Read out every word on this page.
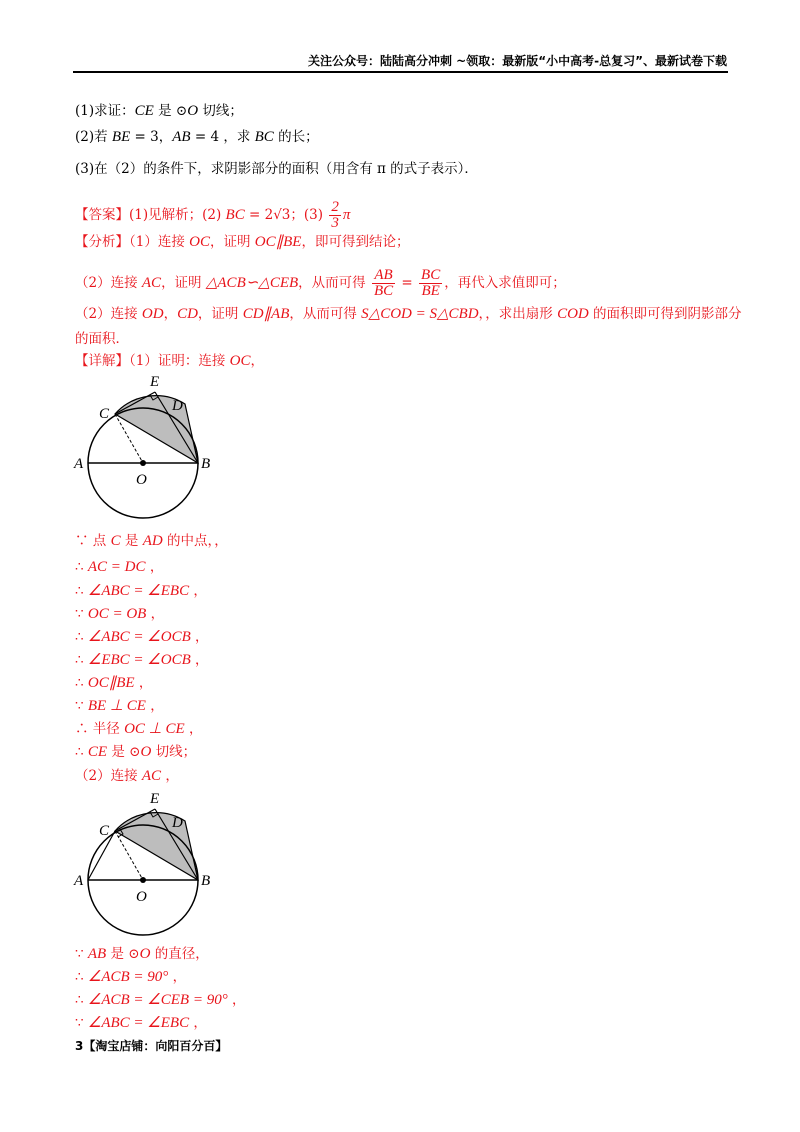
关注公众号：陆陆高分冲刺 ~领取：最新版“小中高考-总复习”、最新试卷下载
(1)求证：CE 是 ⊙O 切线；
(2)若 BE = 3，AB = 4 ，求 BC 的长；
(3)在（2）的条件下，求阴影部分的面积（用含有 π 的式子表示）．
【答案】(1)见解析；(2) BC = 2√3；$(3) \frac{2}{3}$ π
【分析】（1）连接 OC，证明 OC∥BE，即可得到结论；
（2）连接 AC，证明 △ACB∽△CEB，从而可得 $\frac{AB}{BC} = \frac{BC}{BE}$ ，再代入求值即可；
（2）连接 OD，CD，证明 CD∥AB，从而可得 S△COD = S△CBD，，求出扇形 COD 的面积即可得到阴影部分
的面积．
【详解】（1）证明：连接 OC，
∵ 点 C 是 AD 的中点，，
∴ AC = DC ，
∴ ∠ABC = ∠EBC ，
∵ OC = OB ，
∴ ∠ABC = ∠OCB ，
∴ ∠EBC = ∠OCB ，
∴ OC∥BE ，
∵ BE ⊥ CE ，
∴ 半径 OC ⊥ CE ，
∴ CE 是 ⊙O 切线；
（2）连接 AC ，
∵ AB 是 ⊙O 的直径，
∴ ∠ACB = 90° ，
∴ ∠ACB = ∠CEB = 90° ，
∵ ∠ABC = ∠EBC ，
E
D
C
A	B
O
E
D
C
A	B
O
3【淘宝店铺：向阳百分百】
